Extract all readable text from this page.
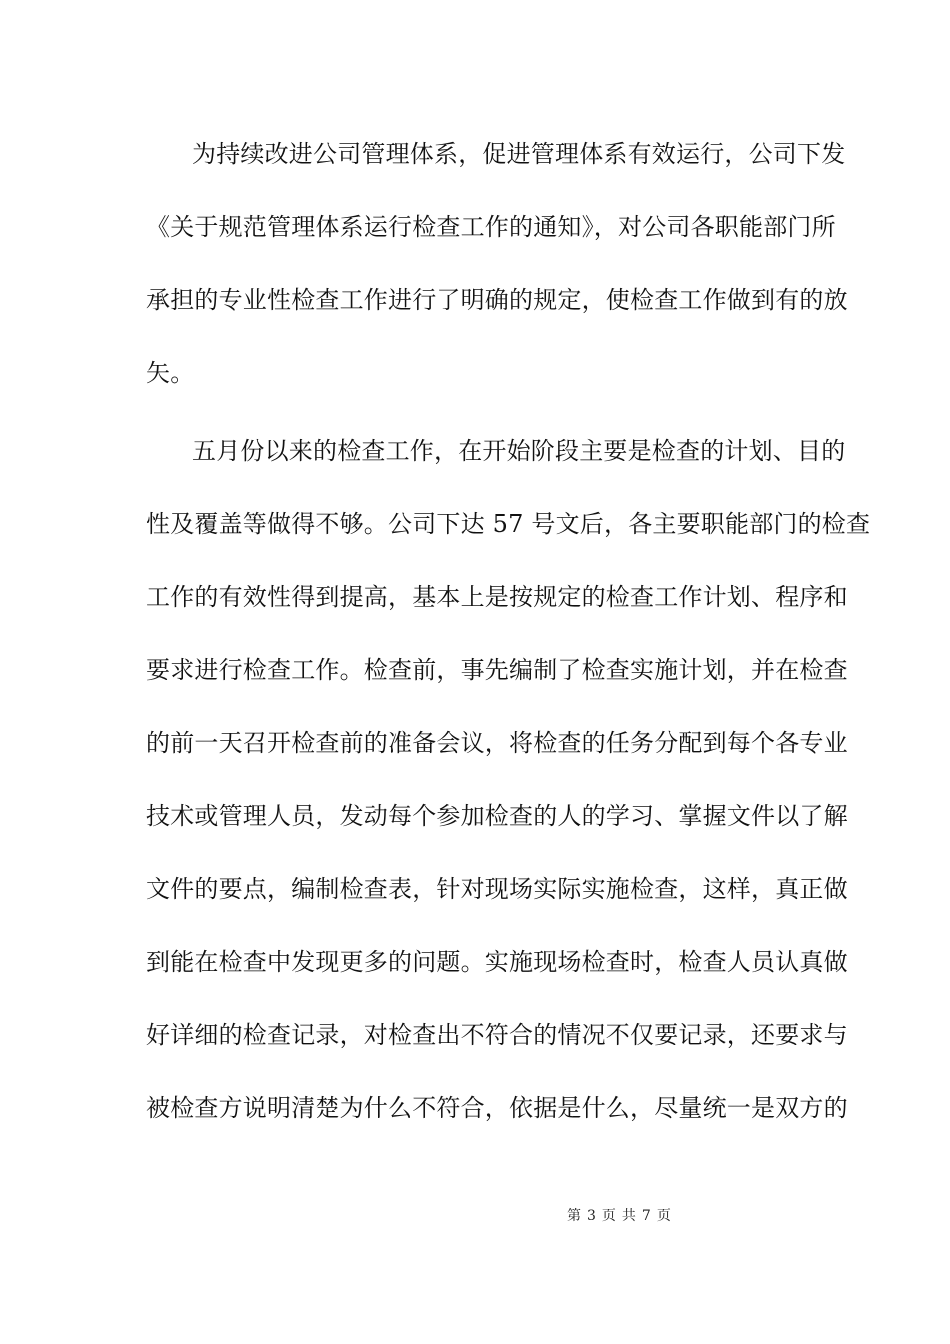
为持续改进公司管理体系，促进管理体系有效运行，公司下发
《关于规范管理体系运行检查工作的通知》，对公司各职能部门所
承担的专业性检查工作进行了明确的规定，使检查工作做到有的放
矢。
五月份以来的检查工作，在开始阶段主要是检查的计划、目的
性及覆盖等做得不够。公司下达 57 号文后，各主要职能部门的检查
工作的有效性得到提高，基本上是按规定的检查工作计划、程序和
要求进行检查工作。检查前，事先编制了检查实施计划，并在检查
的前一天召开检查前的准备会议，将检查的任务分配到每个各专业
技术或管理人员，发动每个参加检查的人的学习、掌握文件以了解
文件的要点，编制检查表，针对现场实际实施检查，这样，真正做
到能在检查中发现更多的问题。实施现场检查时，检查人员认真做
好详细的检查记录，对检查出不符合的情况不仅要记录，还要求与
被检查方说明清楚为什么不符合，依据是什么，尽量统一是双方的
第 3 页 共 7 页
